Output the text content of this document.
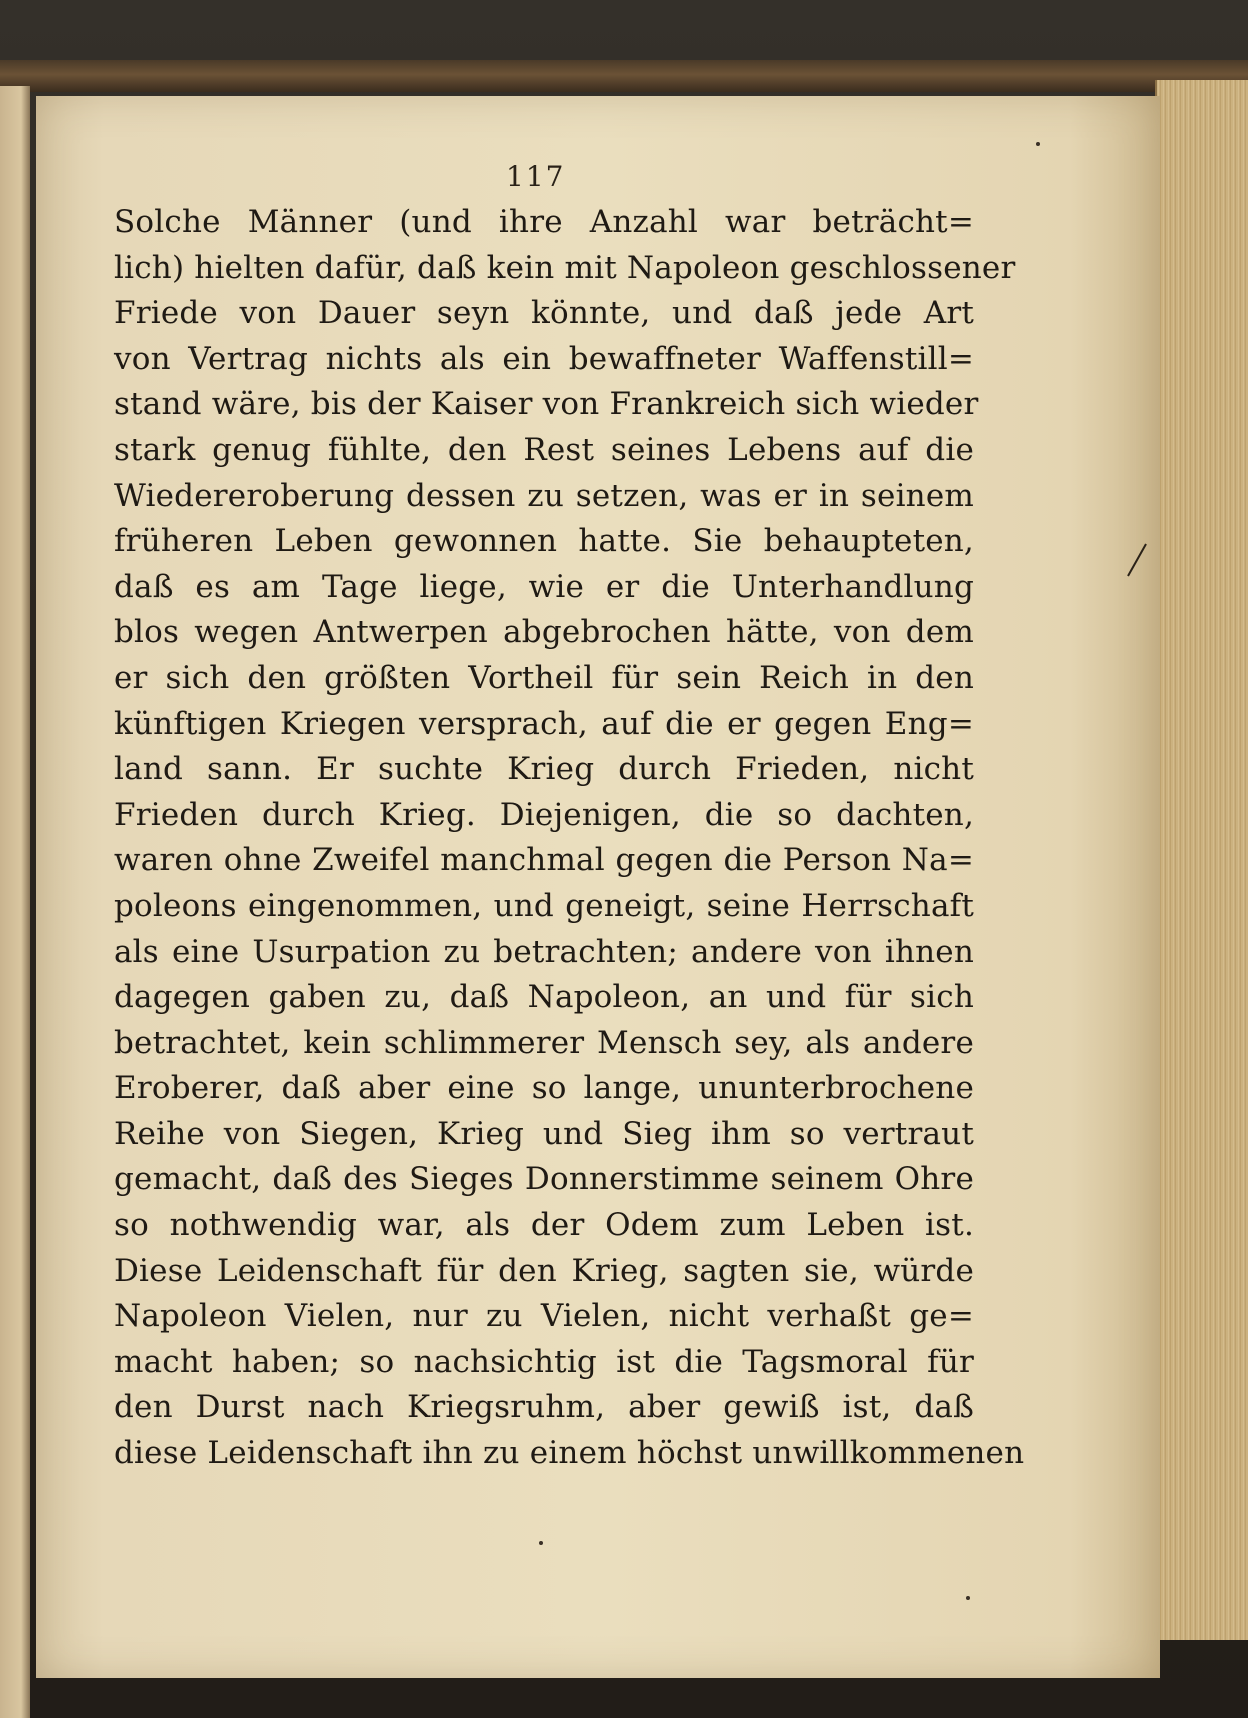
117
Solche Männer (und ihre Anzahl war beträcht=
lich) hielten dafür, daß kein mit Napoleon geschlossener
Friede von Dauer seyn könnte, und daß jede Art
von Vertrag nichts als ein bewaffneter Waffenstill=
stand wäre, bis der Kaiser von Frankreich sich wieder
stark genug fühlte, den Rest seines Lebens auf die
Wiedereroberung dessen zu setzen, was er in seinem
früheren Leben gewonnen hatte. Sie behaupteten,
daß es am Tage liege, wie er die Unterhandlung
blos wegen Antwerpen abgebrochen hätte, von dem
er sich den größten Vortheil für sein Reich in den
künftigen Kriegen versprach, auf die er gegen Eng=
land sann. Er suchte Krieg durch Frieden, nicht
Frieden durch Krieg. Diejenigen, die so dachten,
waren ohne Zweifel manchmal gegen die Person Na=
poleons eingenommen, und geneigt, seine Herrschaft
als eine Usurpation zu betrachten; andere von ihnen
dagegen gaben zu, daß Napoleon, an und für sich
betrachtet, kein schlimmerer Mensch sey, als andere
Eroberer, daß aber eine so lange, ununterbrochene
Reihe von Siegen, Krieg und Sieg ihm so vertraut
gemacht, daß des Sieges Donnerstimme seinem Ohre
so nothwendig war, als der Odem zum Leben ist.
Diese Leidenschaft für den Krieg, sagten sie, würde
Napoleon Vielen, nur zu Vielen, nicht verhaßt ge=
macht haben; so nachsichtig ist die Tagsmoral für
den Durst nach Kriegsruhm, aber gewiß ist, daß
diese Leidenschaft ihn zu einem höchst unwillkommenen
